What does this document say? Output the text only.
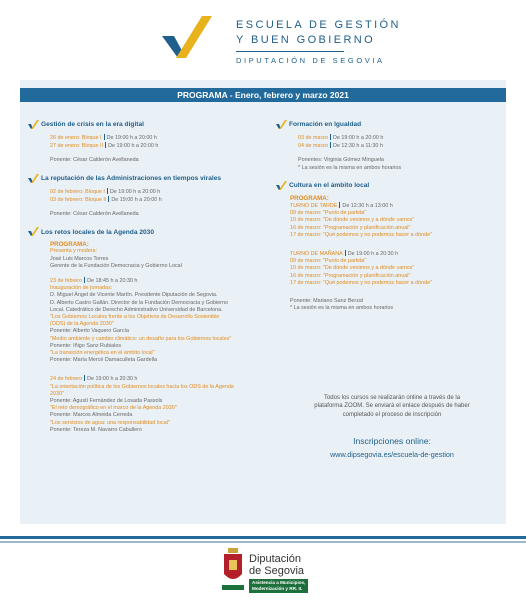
ESCUELA DE GESTIÓN
Y BUEN GOBIERNO
DIPUTACIÓN DE SEGOVIA
PROGRAMA - Enero, febrero y marzo 2021
Gestión de crisis en la era digital
26 de enero: Bloque I De 19:00 h a 20:00 h
27 de enero: Bloque II De 19:00 h a 20:00 h
Ponente: César Calderón Avellaneda
La reputación de las Administraciones en tiempos virales
02 de febrero: Bloque I De 19:00 h a 20:00 h
03 de febrero: Bloque II De 19:00 h a 20:00 h
Ponente: César Calderón Avellaneda
Los retos locales de la Agenda 2030
PROGRAMA:
Presenta y modera:
José Luis Marcos Torres
Gerente de la Fundación Democracia y Gobierno Local
23 de febrero De 18:45 h a 20:30 h
Inauguración de jornadas:
D. Miguel Ángel de Vicente Martín. Presidente Diputación de Segovia.
D. Alberto Castro Gallán. Director de la Fundación Democracia y Gobierno
Local. Catedrático de Derecho Administrativo Universidad de Barcelona.
"Los Gobiernos Locales frente a los Objetivos de Desarrollo Sostenible
(ODS) de la Agenda 2030"
Ponente: Alberto Vaquero García
"Medio ambiente y cambio climático: un desafío para los Gobiernos locales"
Ponente: Iñigo Sanz Rubiales
"La transición energética en el ámbito local"
Ponente: María Mercé Darnaculleta Gardella
24 de febrero De 19:00 h a 20:30 h
"La orientación política de los Gobiernos locales hacia los ODS de la Agenda
2030"
Ponente: Agustí Fernández de Losada Passols
"El reto demográfico en el marco de la Agenda 2030"
Ponente: Marcos Almeida Cerreda
"Los servicios de agua: una responsabilidad local"
Ponente: Tereza M. Navarro Caballero
Formación en Igualdad
03 de marzo De 19:00 h a 20:00 h
04 de marzo De 12:30 h a 11:30 h
Ponentes: Virginia Gómez Minguela
* La sesión es la misma en ambos horarios
Cultura en el ámbito local
PROGRAMA:
TURNO DE TARDE De 12:30 h a 13:00 h
09 de marzo: "Punto de partida"
10 de marzo: "De dónde venimos y a dónde vamos"
16 de marzo: "Programación y planificación anual"
17 de marzo: "Qué podemos y no podemos hacer a dónde"
TURNO DE MAÑANA De 19:00 h a 20:30 h
09 de marzo: "Punto de partida"
10 de marzo: "De dónde venimos y a dónde vamos"
16 de marzo: "Programación y planificación anual"
17 de marzo: "Qué podemos y no podemos hacer a dónde"
Ponente: Mariano Sanz Berzal
* La sesión es la misma en ambos horarios
Todos los cursos se realizarán online a través de la
plataforma ZOOM. Se enviará el enlace después de haber
completado el proceso de inscripción
Inscripciones online:
www.dipsegovia.es/escuela-de-gestion
Diputación
de Segovia
Asistencia a Municipios,
Modernización y RR. II.
